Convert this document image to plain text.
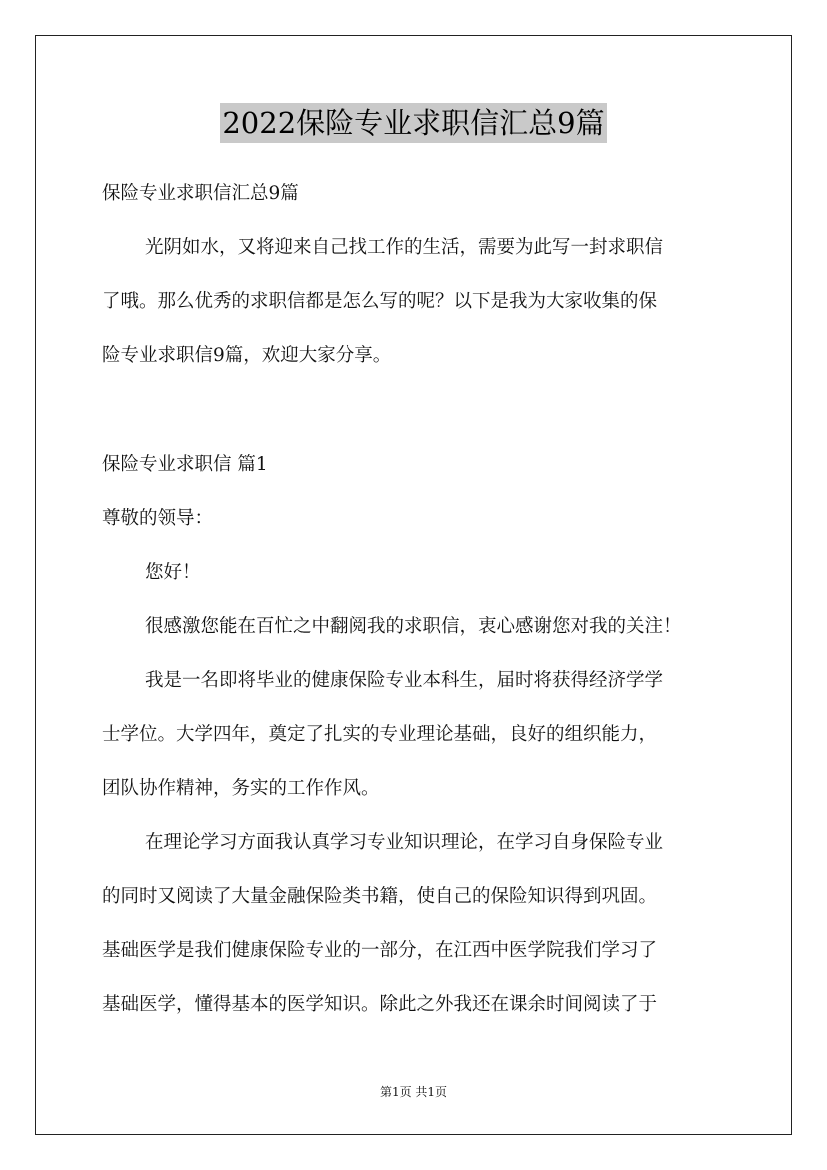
2022保险专业求职信汇总9篇
保险专业求职信汇总9篇
光阴如水，又将迎来自己找工作的生活，需要为此写一封求职信
了哦。那么优秀的求职信都是怎么写的呢？以下是我为大家收集的保
险专业求职信9篇，欢迎大家分享。
保险专业求职信 篇1
尊敬的领导：
您好！
很感激您能在百忙之中翻阅我的求职信，衷心感谢您对我的关注！
我是一名即将毕业的健康保险专业本科生，届时将获得经济学学
士学位。大学四年，奠定了扎实的专业理论基础，良好的组织能力，
团队协作精神，务实的工作作风。
在理论学习方面我认真学习专业知识理论，在学习自身保险专业
的同时又阅读了大量金融保险类书籍，使自己的保险知识得到巩固。
基础医学是我们健康保险专业的一部分，在江西中医学院我们学习了
基础医学，懂得基本的医学知识。除此之外我还在课余时间阅读了于
第1页 共1页
